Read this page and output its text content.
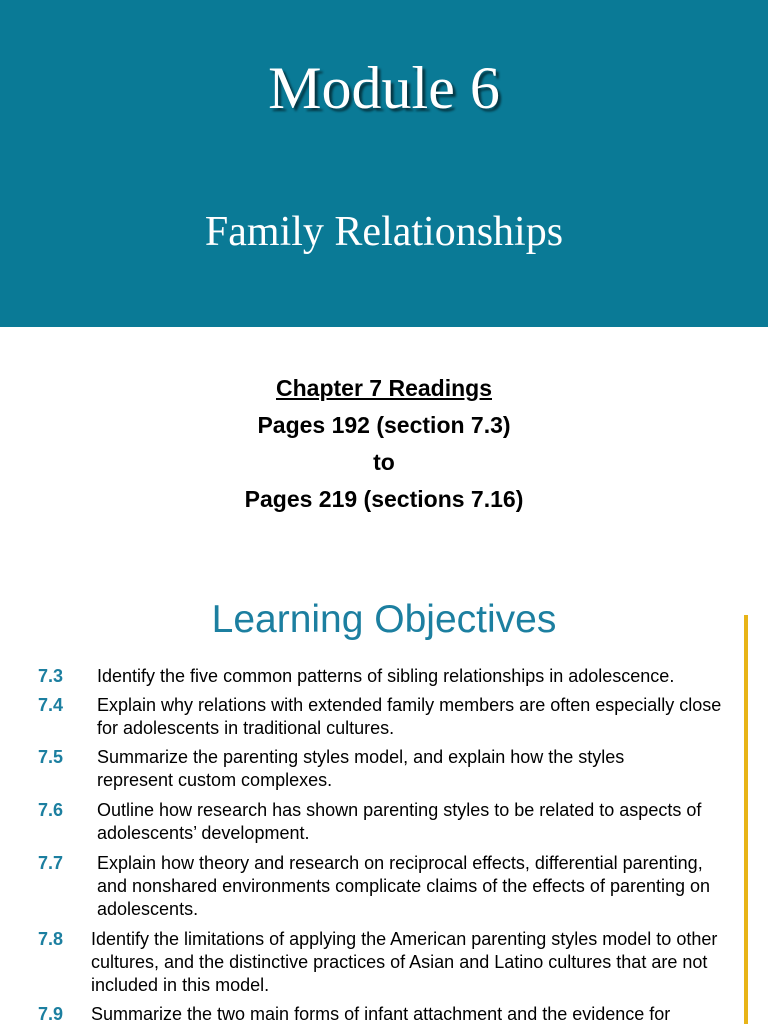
Module 6
Family Relationships
Chapter 7 Readings
Pages 192 (section 7.3)
to
Pages 219 (sections 7.16)
Learning Objectives
7.3 Identify the five common patterns of sibling relationships in adolescence.
7.4 Explain why relations with extended family members are often especially close for adolescents in traditional cultures.
7.5 Summarize the parenting styles model, and explain how the styles represent custom complexes.
7.6 Outline how research has shown parenting styles to be related to aspects of adolescents’ development.
7.7 Explain how theory and research on reciprocal effects, differential parenting, and nonshared environments complicate claims of the effects of parenting on adolescents.
7.8 Identify the limitations of applying the American parenting styles model to other cultures, and the distinctive practices of Asian and Latino cultures that are not included in this model.
7.9 Summarize the two main forms of infant attachment and the evidence for
